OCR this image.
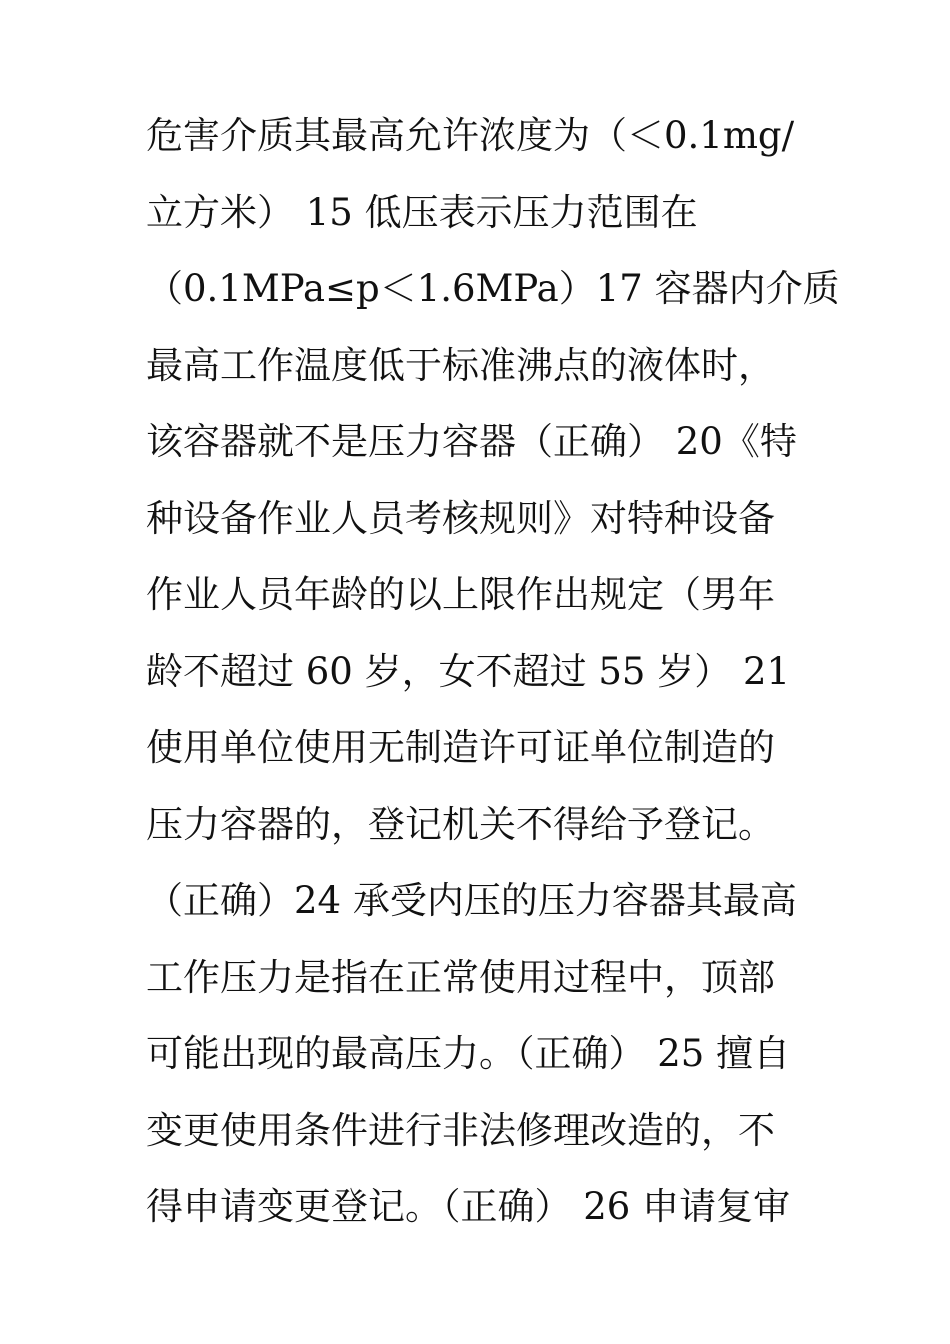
危害介质其最高允许浓度为（＜0.1mg/
立方米） 15 低压表示压力范围在
（0.1MPa≤p＜1.6MPa）17 容器内介质
最高工作温度低于标准沸点的液体时，
该容器就不是压力容器（正确） 20《特
种设备作业人员考核规则》对特种设备
作业人员年龄的以上限作出规定（男年
龄不超过 60 岁，女不超过 55 岁） 21
使用单位使用无制造许可证单位制造的
压力容器的，登记机关不得给予登记。
（正确）24 承受内压的压力容器其最高
工作压力是指在正常使用过程中，顶部
可能出现的最高压力。（正确） 25 擅自
变更使用条件进行非法修理改造的，不
得申请变更登记。（正确） 26 申请复审
